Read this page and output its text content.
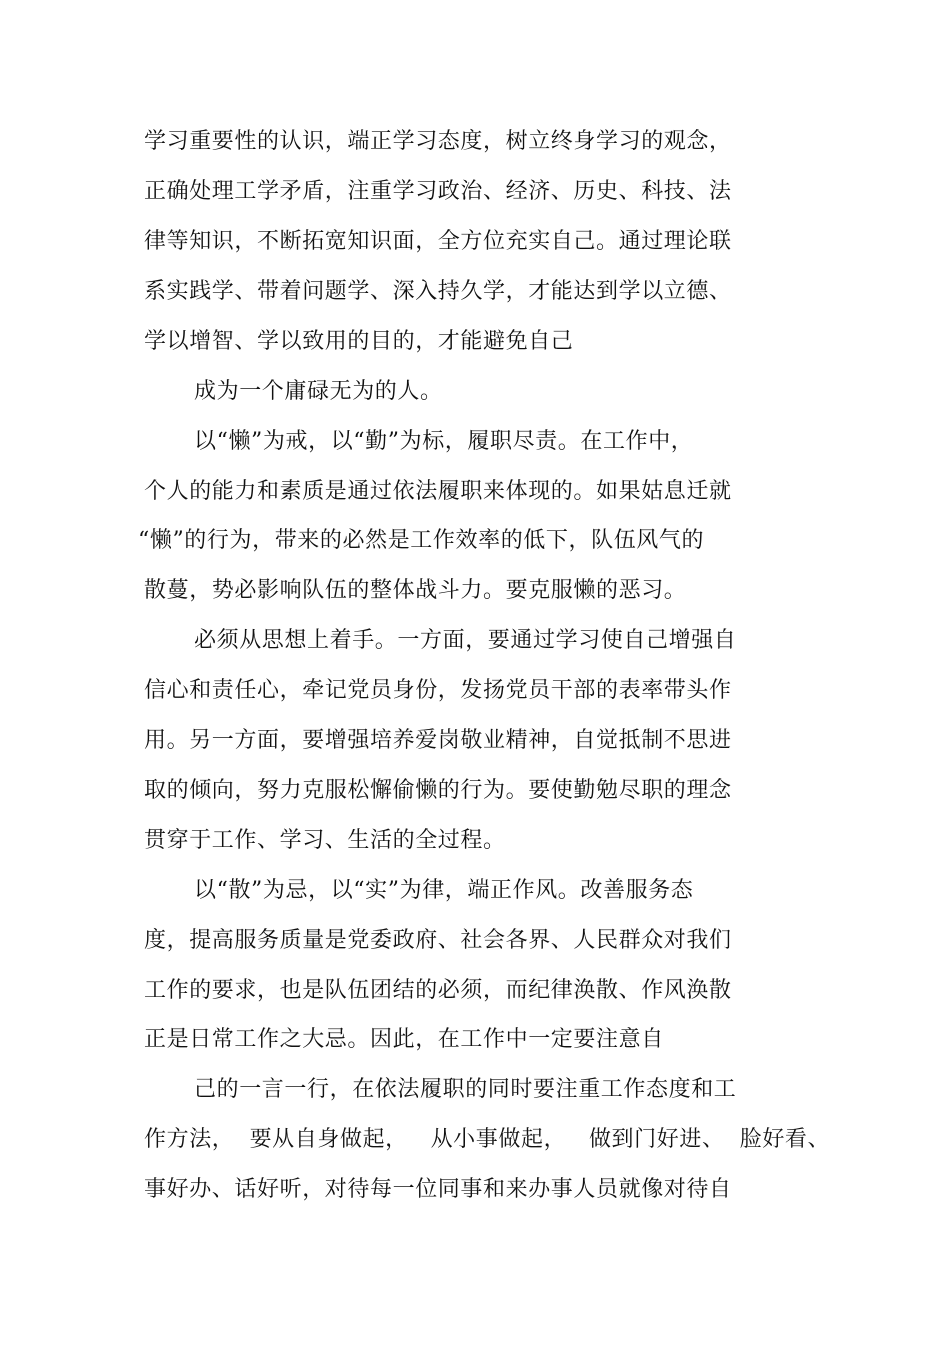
学习重要性的认识，端正学习态度，树立终身学习的观念，
正确处理工学矛盾，注重学习政治、经济、历史、科技、法
律等知识，不断拓宽知识面，全方位充实自己。通过理论联
系实践学、带着问题学、深入持久学，才能达到学以立德、
学以增智、学以致用的目的，才能避免自己
成为一个庸碌无为的人。
以“懒”为戒，以“勤”为标，履职尽责。在工作中，
个人的能力和素质是通过依法履职来体现的。如果姑息迁就
“懒”的行为，带来的必然是工作效率的低下，队伍风气的
散蔓，势必影响队伍的整体战斗力。要克服懒的恶习。
必须从思想上着手。一方面，要通过学习使自己增强自
信心和责任心，牵记党员身份，发扬党员干部的表率带头作
用。另一方面，要增强培养爱岗敬业精神，自觉抵制不思进
取的倾向，努力克服松懈偷懒的行为。要使勤勉尽职的理念
贯穿于工作、学习、生活的全过程。
以“散”为忌，以“实”为律，端正作风。改善服务态
度，提高服务质量是党委政府、社会各界、人民群众对我们
工作的要求，也是队伍团结的必须，而纪律涣散、作风涣散
正是日常工作之大忌。因此，在工作中一定要注意自
己的一言一行，在依法履职的同时要注重工作态度和工
作方法，  要从自身做起，   从小事做起，   做到门好进、  脸好看、
事好办、话好听，对待每一位同事和来办事人员就像对待自
